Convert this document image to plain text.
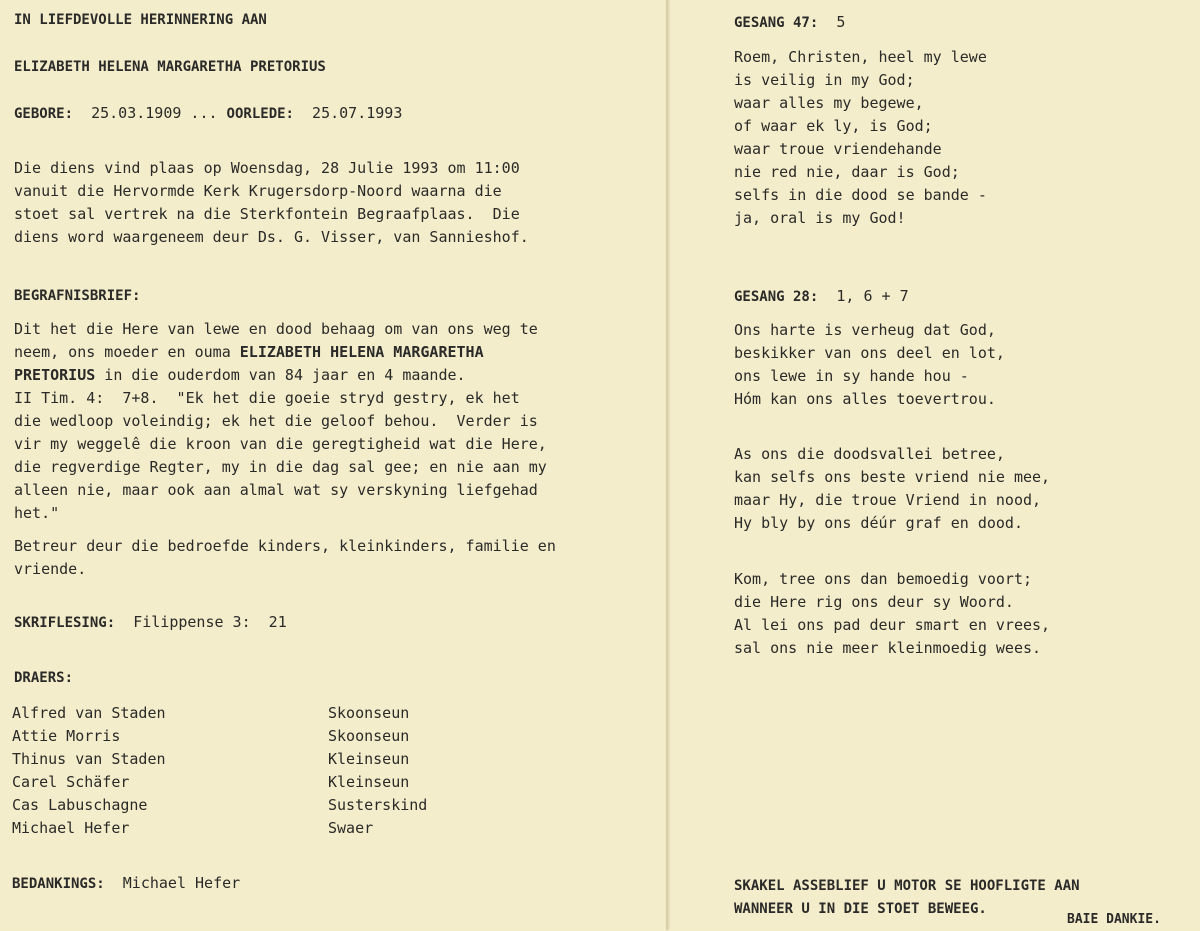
IN LIEFDEVOLLE HERINNERING AAN
ELIZABETH HELENA MARGARETHA PRETORIUS
GEBORE: 25.03.1909 ... OORLEDE: 25.07.1993
Die diens vind plaas op Woensdag, 28 Julie 1993 om 11:00
vanuit die Hervormde Kerk Krugersdorp-Noord waarna die
stoet sal vertrek na die Sterkfontein Begraafplaas.  Die
diens word waargeneem deur Ds. G. Visser, van Sannieshof.
BEGRAFNISBRIEF:
Dit het die Here van lewe en dood behaag om van ons weg te
neem, ons moeder en ouma ELIZABETH HELENA MARGARETHA
PRETORIUS in die ouderdom van 84 jaar en 4 maande.
II Tim. 4:  7+8.  "Ek het die goeie stryd gestry, ek het
die wedloop voleindig; ek het die geloof behou.  Verder is
vir my weggelê die kroon van die geregtigheid wat die Here,
die regverdige Regter, my in die dag sal gee; en nie aan my
alleen nie, maar ook aan almal wat sy verskyning liefgehad
het."
Betreur deur die bedroefde kinders, kleinkinders, familie en
vriende.
SKRIFLESING: Filippense 3:  21
DRAERS:
Alfred van Staden	Skoonseun
Attie Morris	Skoonseun
Thinus van Staden	Kleinseun
Carel Schäfer	Kleinseun
Cas Labuschagne	Susterskind
Michael Hefer	Swaer
BEDANKINGS: Michael Hefer
GESANG 47: 5
Roem, Christen, heel my lewe
is veilig in my God;
waar alles my begewe,
of waar ek ly, is God;
waar troue vriendehande
nie red nie, daar is God;
selfs in die dood se bande -
ja, oral is my God!
GESANG 28: 1, 6 + 7
Ons harte is verheug dat God,
beskikker van ons deel en lot,
ons lewe in sy hande hou -
Hóm kan ons alles toevertrou.
As ons die doodsvallei betree,
kan selfs ons beste vriend nie mee,
maar Hy, die troue Vriend in nood,
Hy bly by ons déúr graf en dood.
Kom, tree ons dan bemoedig voort;
die Here rig ons deur sy Woord.
Al lei ons pad deur smart en vrees,
sal ons nie meer kleinmoedig wees.
SKAKEL ASSEBLIEF U MOTOR SE HOOFLIGTE AAN
WANNEER U IN DIE STOET BEWEEG.
BAIE DANKIE.
